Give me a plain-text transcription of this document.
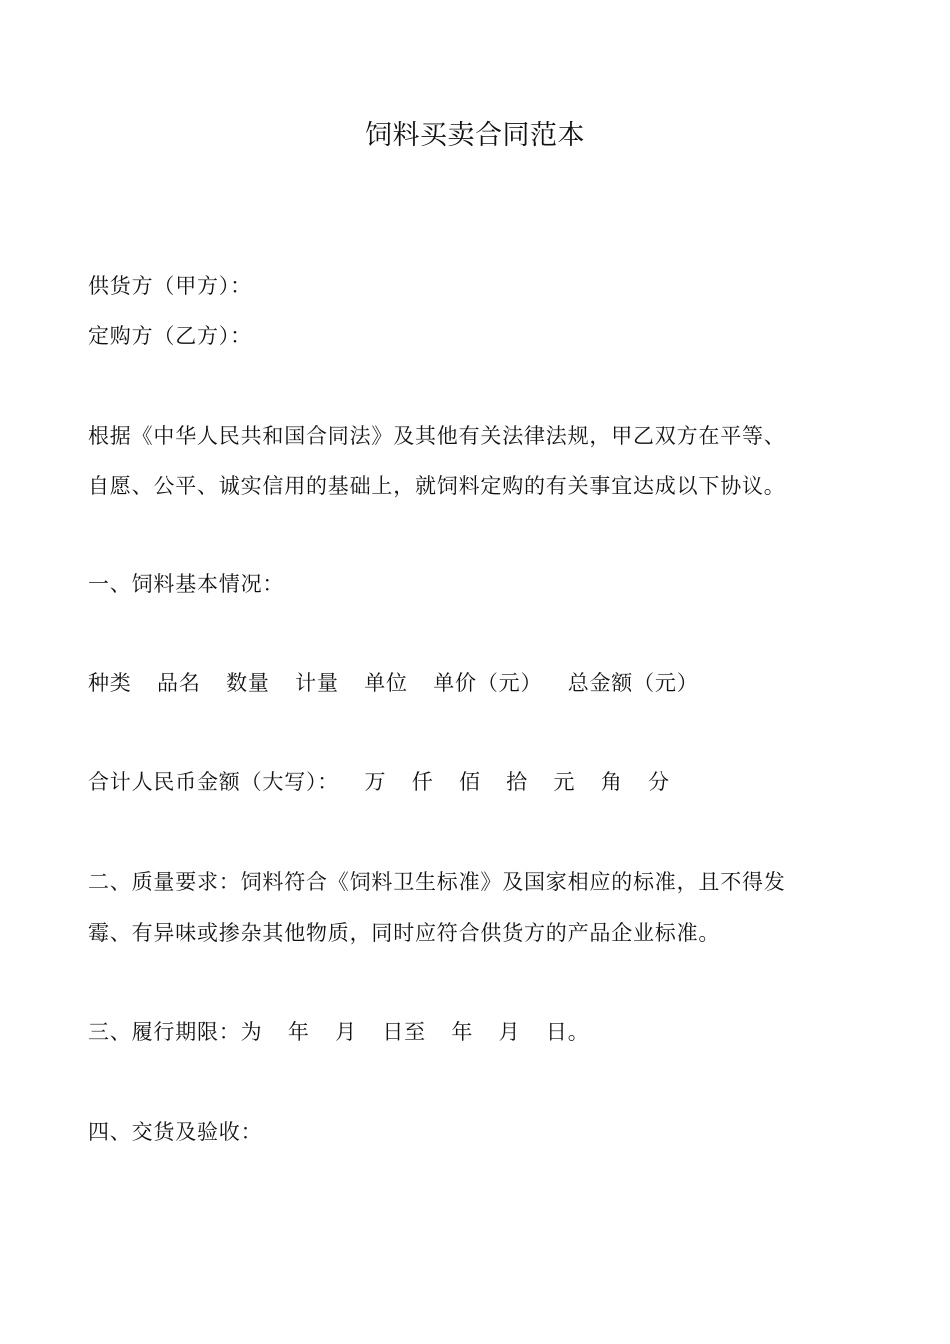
饲料买卖合同范本
供货方（甲方）：
定购方（乙方）：
根据《中华人民共和国合同法》及其他有关法律法规，甲乙双方在平等、
自愿、公平、诚实信用的基础上，就饲料定购的有关事宜达成以下协议。
一、饲料基本情况：
种类  品名  数量  计量  单位  单价（元）  总金额（元）
合计人民币金额（大写）：  万  仟  佰  拾  元  角  分
二、质量要求：饲料符合《饲料卫生标准》及国家相应的标准，且不得发
霉、有异味或掺杂其他物质，同时应符合供货方的产品企业标准。
三、履行期限：为  年  月  日至  年  月  日。
四、交货及验收：
